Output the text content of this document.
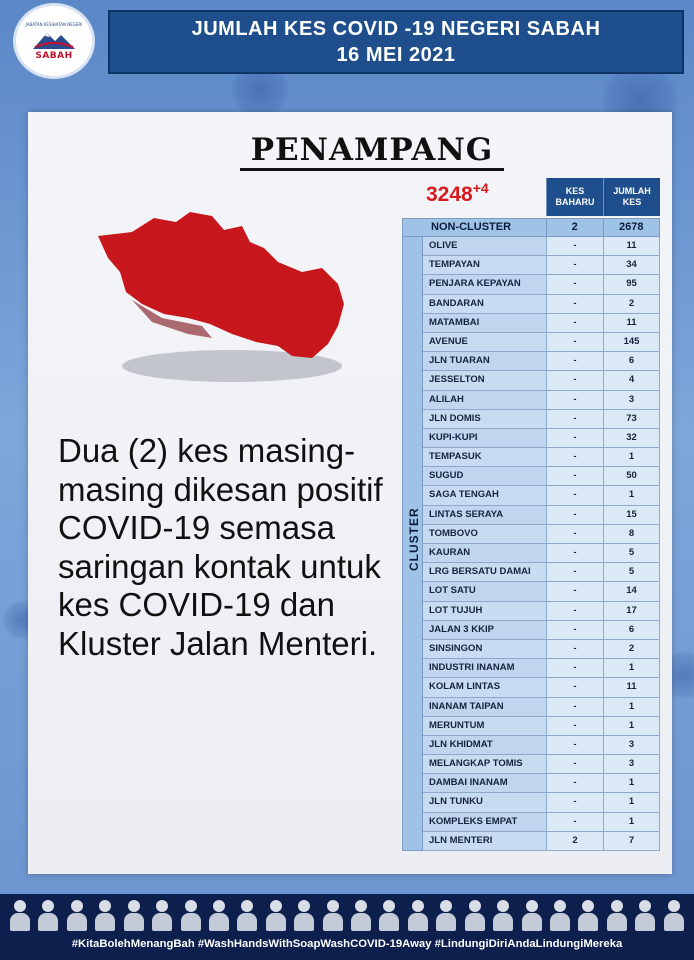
JABATAN KESIHATAN NEGERI
SABAH
JUMLAH KES COVID -19 NEGERI SABAH
16 MEI 2021
PENAMPANG
$3248^{+4}$
Dua (2) kes masing-masing dikesan positif COVID-19 semasa saringan kontak untuk kes COVID-19 dan Kluster Jalan Menteri.
KES BAHARU
JUMLAH KES
NON-CLUSTER	2	2678
CLUSTER
OLIVE	-	11
TEMPAYAN	-	34
PENJARA KEPAYAN	-	95
BANDARAN	-	2
MATAMBAI	-	11
AVENUE	-	145
JLN TUARAN	-	6
JESSELTON	-	4
ALILAH	-	3
JLN DOMIS	-	73
KUPI-KUPI	-	32
TEMPASUK	-	1
SUGUD	-	50
SAGA TENGAH	-	1
LINTAS SERAYA	-	15
TOMBOVO	-	8
KAURAN	-	5
LRG BERSATU DAMAI	-	5
LOT SATU	-	14
LOT TUJUH	-	17
JALAN 3 KKIP	-	6
SINSINGON	-	2
INDUSTRI INANAM	-	1
KOLAM LINTAS	-	11
INANAM TAIPAN	-	1
MERUNTUM	-	1
JLN KHIDMAT	-	3
MELANGKAP TOMIS	-	3
DAMBAI INANAM	-	1
JLN TUNKU	-	1
KOMPLEKS EMPAT	-	1
JLN MENTERI	2	7
#KitaBolehMenangBah #WashHandsWithSoapWashCOVID-19Away #LindungiDiriAndaLindungiMereka
